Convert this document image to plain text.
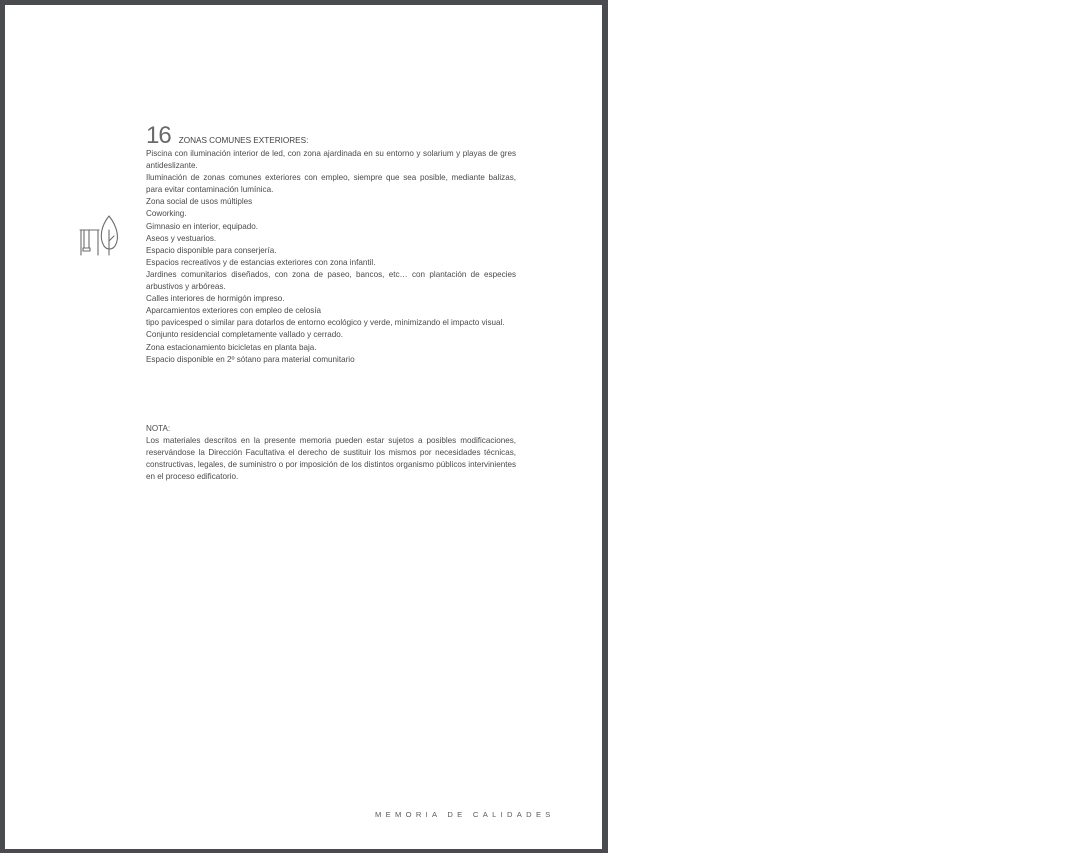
16 ZONAS COMUNES EXTERIORES:

Piscina con iluminación interior de led, con zona ajardinada en su entorno y solarium y playas de gres antideslizante.

Iluminación de zonas comunes exteriores con empleo, siempre que sea posible, mediante balizas, para evitar contaminación lumínica.

Zona social de usos múltiples

Coworking.

Gimnasio en interior, equipado.

Aseos y vestuarios.

Espacio disponible para conserjería.

Espacios recreativos y de estancias exteriores con zona infantil.

Jardines comunitarios diseñados, con zona de paseo, bancos, etc… con plantación de especies arbustivos y arbóreas.

Calles interiores de hormigón impreso.

Aparcamientos exteriores con empleo de celosía

tipo pavicesped o similar para dotarlos de entorno ecológico y verde, minimizando el impacto visual.

Conjunto residencial completamente vallado y cerrado.

Zona estacionamiento bicicletas en planta baja.

Espacio disponible en 2º sótano para material comunitario

NOTA:

Los materiales descritos en la presente memoria pueden estar sujetos a posibles modificaciones, reservándose la Dirección Facultativa el derecho de sustituir los mismos por necesidades técnicas, constructivas, legales, de suministro o por imposición de los distintos organismo públicos intervinientes en el proceso edificatorio.

MEMORIA DE CALIDADES
